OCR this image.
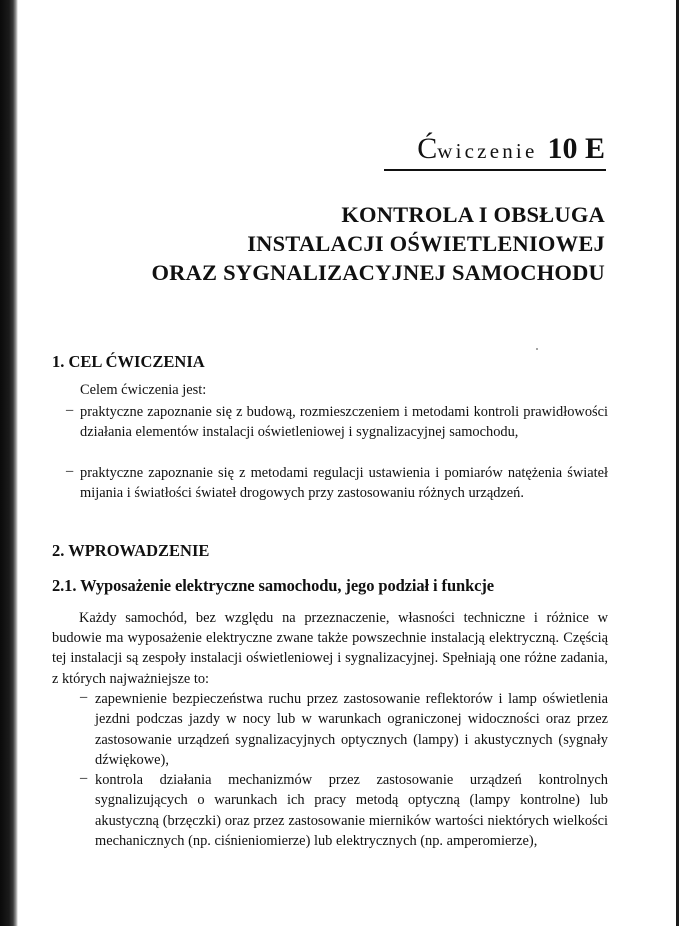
Ćwiczenie 10 E
KONTROLA I OBSŁUGA
INSTALACJI OŚWIETLENIOWEJ
ORAZ SYGNALIZACYJNEJ SAMOCHODU
1. CEL ĆWICZENIA
Celem ćwiczenia jest:
– praktyczne zapoznanie się z budową, rozmieszczeniem i metodami kontroli prawidłowości działania elementów instalacji oświetleniowej i sygnalizacyjnej samochodu,
– praktyczne zapoznanie się z metodami regulacji ustawienia i pomiarów natężenia świateł mijania i światłości świateł drogowych przy zastosowaniu różnych urządzeń.
2. WPROWADZENIE
2.1. Wyposażenie elektryczne samochodu, jego podział i funkcje
Każdy samochód, bez względu na przeznaczenie, własności techniczne i różnice w budowie ma wyposażenie elektryczne zwane także powszechnie instalacją elektryczną. Częścią tej instalacji są zespoły instalacji oświetleniowej i sygnalizacyjnej. Spełniają one różne zadania, z których najważniejsze to:
– zapewnienie bezpieczeństwa ruchu przez zastosowanie reflektorów i lamp oświetlenia jezdni podczas jazdy w nocy lub w warunkach ograniczonej widoczności oraz przez zastosowanie urządzeń sygnalizacyjnych optycznych (lampy) i akustycznych (sygnały dźwiękowe),
– kontrola działania mechanizmów przez zastosowanie urządzeń kontrolnych sygnalizujących o warunkach ich pracy metodą optyczną (lampy kontrolne) lub akustyczną (brzęczki) oraz przez zastosowanie mierników wartości niektórych wielkości mechanicznych (np. ciśnieniomierze) lub elektrycznych (np. amperomierze),
